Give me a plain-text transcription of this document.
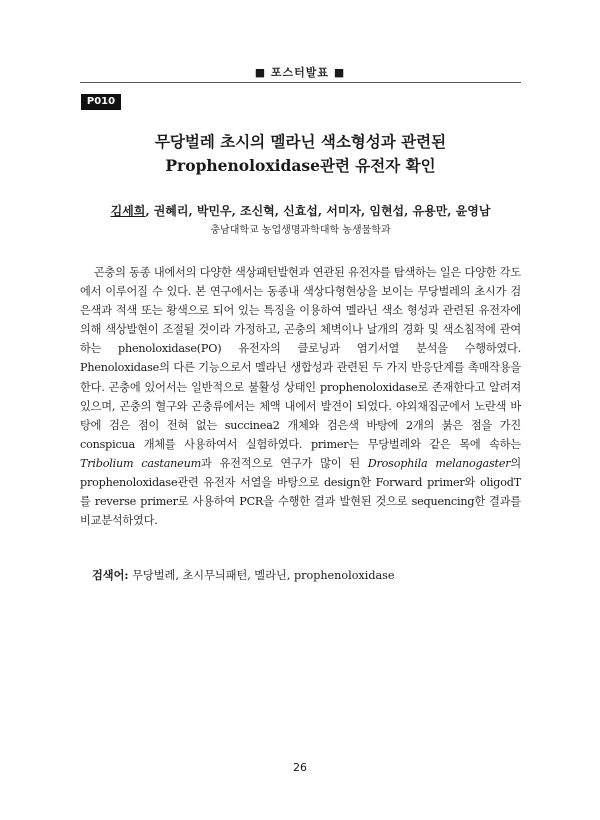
■ 포스터발표 ■
P010
무당벌레 초시의 멜라닌 색소형성과 관련된
Prophenoloxidase관련 유전자 확인
김세희, 권혜리, 박민우, 조신혁, 신효섭, 서미자, 임현섭, 유용만, 윤영남
충남대학교 농업생명과학대학 농생물학과
곤충의 동종 내에서의 다양한 색상패턴발현과 연관된 유전자를 탐색하는 일은 다양한 각도에서 이루어질 수 있다. 본 연구에서는 동종내 색상다형현상을 보이는 무당벌레의 초시가 검은색과 적색 또는 황색으로 되어 있는 특징을 이용하여 멜라닌 색소 형성과 관련된 유전자에 의해 색상발현이 조절될 것이라 가정하고, 곤충의 체벽이나 날개의 경화 및 색소침적에 관여하는 phenoloxidase(PO) 유전자의 클로닝과 염기서열 분석을 수행하였다. Phenoloxidase의 다른 기능으로서 멜라닌 생합성과 관련된 두 가지 반응단계를 촉매작용을 한다. 곤충에 있어서는 일반적으로 불활성 상태인 prophenoloxidase로 존재한다고 알려져 있으며, 곤충의 혈구와 곤충류에서는 체액 내에서 발견이 되었다. 야외채집군에서 노란색 바탕에 검은 점이 전혀 없는 succinea2 개체와 검은색 바탕에 2개의 붉은 점을 가진 conspicua 개체를 사용하여서 실험하였다. primer는 무당벌레와 같은 목에 속하는 Tribolium castaneum과 유전적으로 연구가 많이 된 Drosophila melanogaster의 prophenoloxidase관련 유전자 서열을 바탕으로 design한 Forward primer와 oligodT를 reverse primer로 사용하여 PCR을 수행한 결과 발현된 것으로 sequencing한 결과를 비교분석하였다.
검색어: 무당벌레, 초시무늬패턴, 멜라닌, prophenoloxidase
26
